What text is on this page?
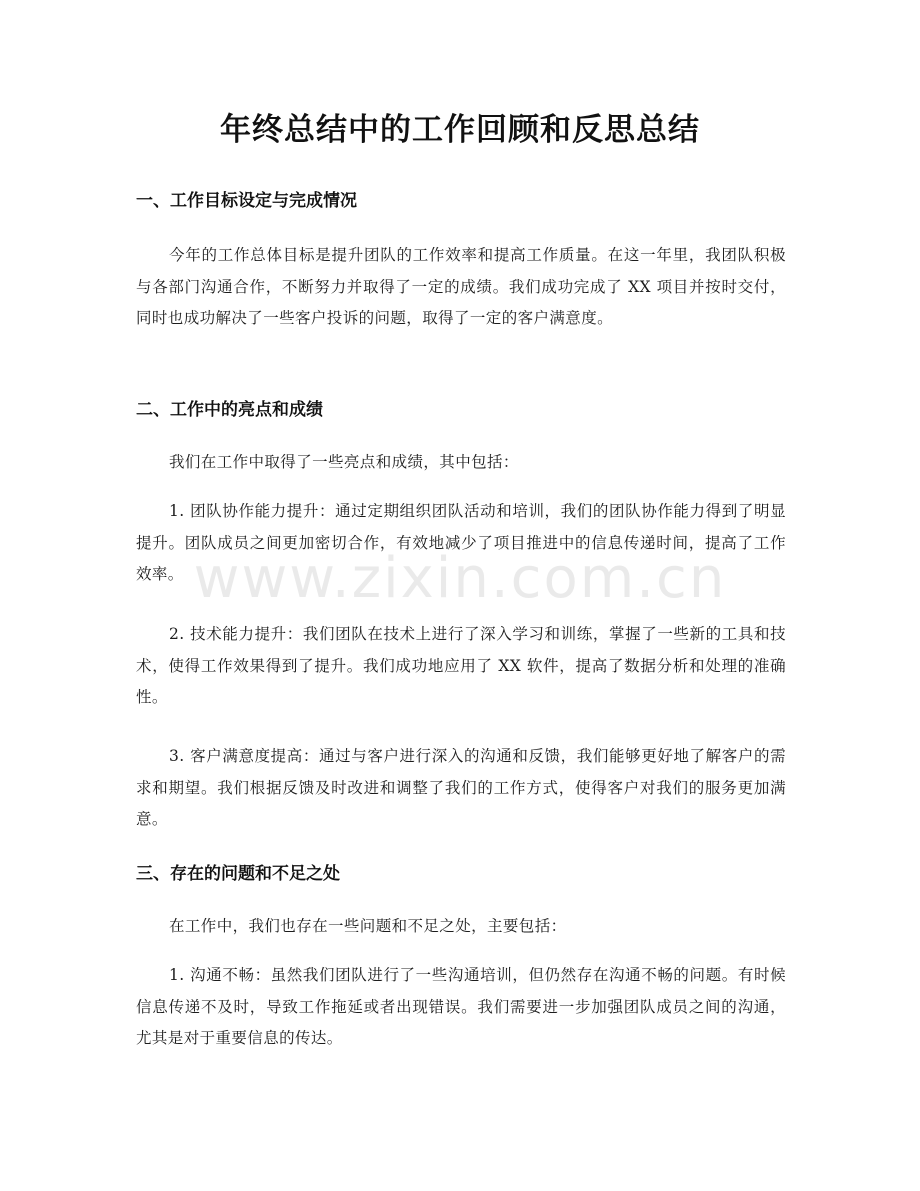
年终总结中的工作回顾和反思总结
一、工作目标设定与完成情况

今年的工作总体目标是提升团队的工作效率和提高工作质量。在这一年里，我团队积极与各部门沟通合作，不断努力并取得了一定的成绩。我们成功完成了 XX 项目并按时交付，同时也成功解决了一些客户投诉的问题，取得了一定的客户满意度。

二、工作中的亮点和成绩

我们在工作中取得了一些亮点和成绩，其中包括：

1. 团队协作能力提升：通过定期组织团队活动和培训，我们的团队协作能力得到了明显提升。团队成员之间更加密切合作，有效地减少了项目推进中的信息传递时间，提高了工作效率。

2. 技术能力提升：我们团队在技术上进行了深入学习和训练，掌握了一些新的工具和技术，使得工作效果得到了提升。我们成功地应用了 XX 软件，提高了数据分析和处理的准确性。

3. 客户满意度提高：通过与客户进行深入的沟通和反馈，我们能够更好地了解客户的需求和期望。我们根据反馈及时改进和调整了我们的工作方式，使得客户对我们的服务更加满意。

三、存在的问题和不足之处

在工作中，我们也存在一些问题和不足之处，主要包括：

1. 沟通不畅：虽然我们团队进行了一些沟通培训，但仍然存在沟通不畅的问题。有时候信息传递不及时，导致工作拖延或者出现错误。我们需要进一步加强团队成员之间的沟通，尤其是对于重要信息的传达。

www.zixin.com.cn
